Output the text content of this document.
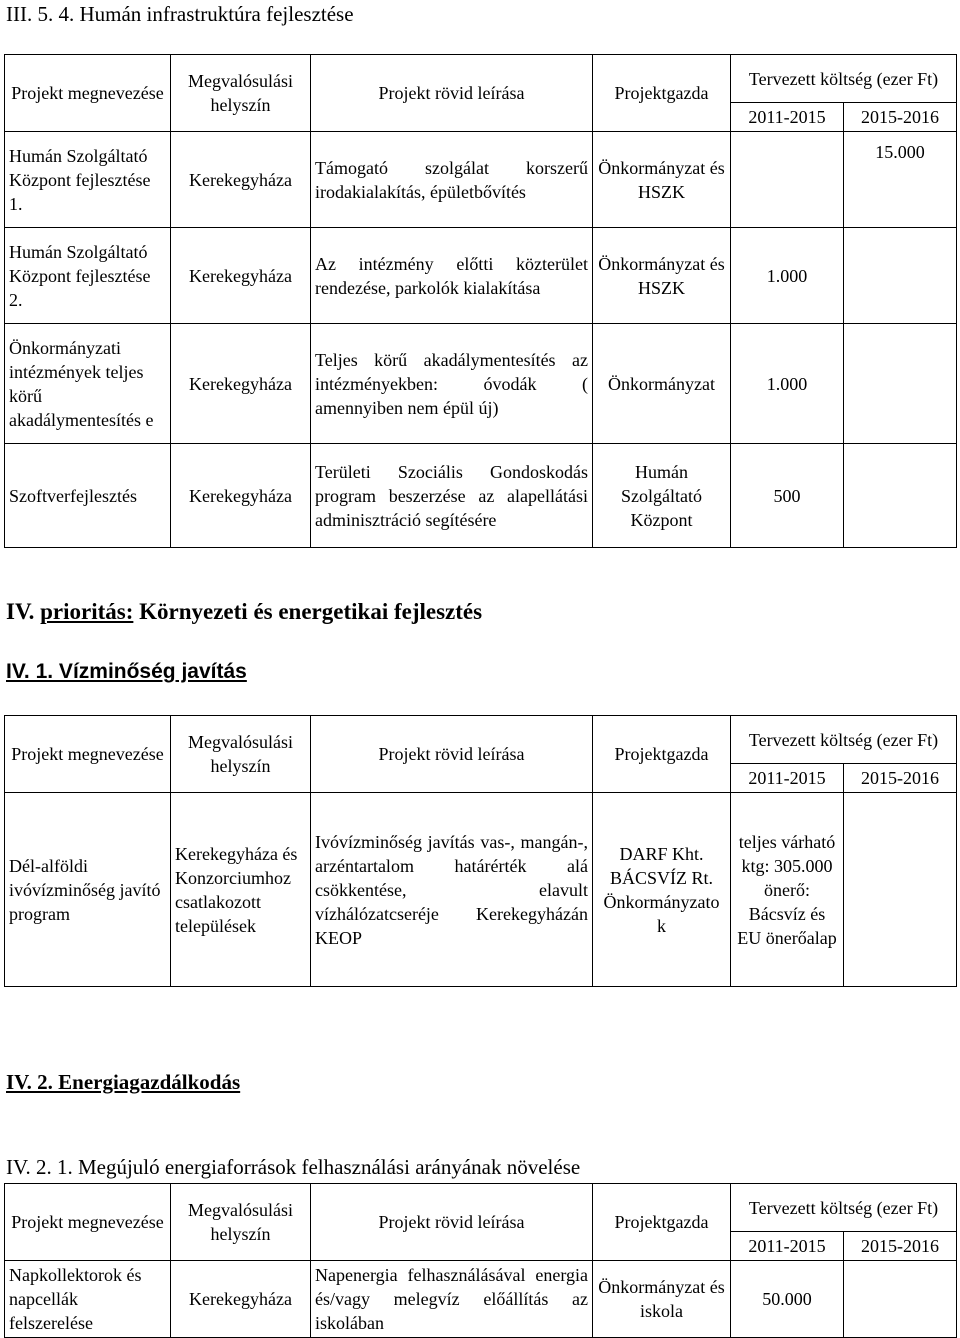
III. 5. 4. Humán infrastruktúra fejlesztése
Projekt megnevezése	Megvalósulási helyszín	Projekt rövid leírása	Projektgazda	Tervezett költség (ezer Ft)	
				2011-2015	2015-2016
Humán Szolgáltató Központ fejlesztése 1.	Kerekegyháza	Támogató szolgálat korszerű irodakialakítás, épületbővítés	Önkormányzat és HSZK		15.000
Humán Szolgáltató Központ fejlesztése 2.	Kerekegyháza	Az intézmény előtti közterület rendezése, parkolók kialakítása	Önkormányzat és HSZK	1.000	
Önkormányzati intézmények teljes körű akadálymentesítés e	Kerekegyháza	Teljes körű akadálymentesítés az intézményekben: óvodák ( amennyiben nem épül új)	Önkormányzat	1.000	
Szoftverfejlesztés	Kerekegyháza	Területi Szociális Gondoskodás program beszerzése az alapellátási adminisztráció segítésére	Humán Szolgáltató Központ	500	
IV. prioritás: Környezeti és energetikai fejlesztés
IV. 1. Vízminőség javítás
Projekt megnevezése	Megvalósulási helyszín	Projekt rövid leírása	Projektgazda	Tervezett költség (ezer Ft)	
				2011-2015	2015-2016
Dél-alföldi ivóvízminőség javító program	Kerekegyháza és Konzorciumhoz csatlakozott települések	Ivóvízminőség javítás vas-, mangán-, arzéntartalom határérték alá csökkentése, elavult vízhálózatcseréje Kerekegyházán KEOP	DARF Kht. BÁCSVÍZ Rt. Önkormányzato k	teljes várható ktg: 305.000 önerő: Bácsvíz és EU önerőalap	
IV. 2. Energiagazdálkodás
IV. 2. 1. Megújuló energiaforrások felhasználási arányának növelése
Projekt megnevezése	Megvalósulási helyszín	Projekt rövid leírása	Projektgazda	Tervezett költség (ezer Ft)	
				2011-2015	2015-2016
Napkollektorok és napcellák felszerelése	Kerekegyháza	Napenergia felhasználásával energia és/vagy melegvíz előállítás az iskolában	Önkormányzat és iskola	50.000	
